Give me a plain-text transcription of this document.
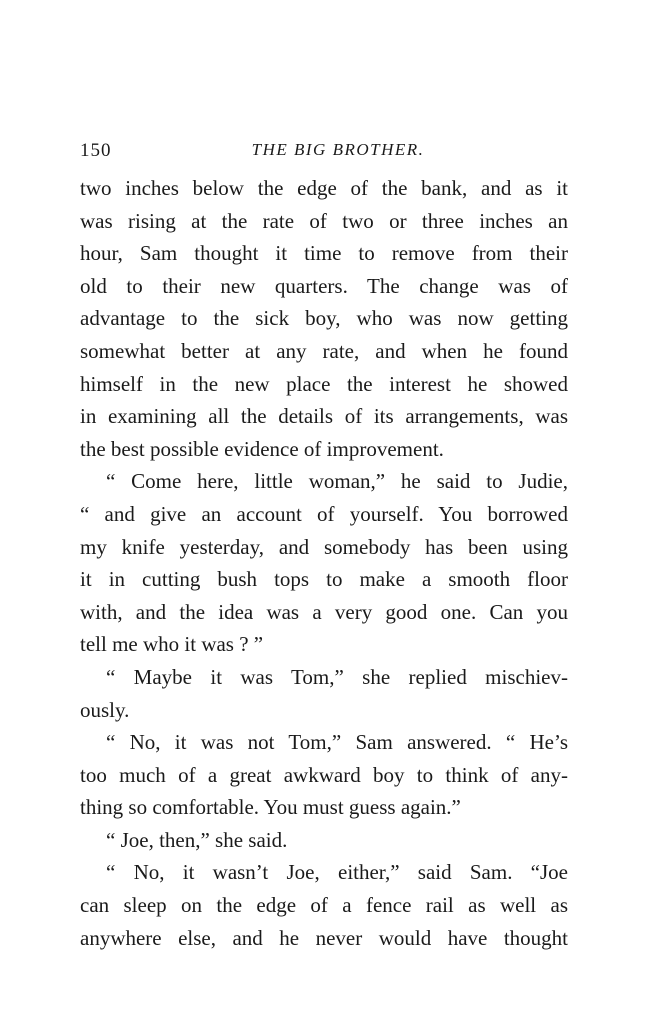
150	THE BIG BROTHER.
two inches below the edge of the bank, and as it
was rising at the rate of two or three inches an
hour, Sam thought it time to remove from their
old to their new quarters. The change was of
advantage to the sick boy, who was now getting
somewhat better at any rate, and when he found
himself in the new place the interest he showed
in examining all the details of its arrangements, was
the best possible evidence of improvement.
“ Come here, little woman,” he said to Judie,
“ and give an account of yourself. You borrowed
my knife yesterday, and somebody has been using
it in cutting bush tops to make a smooth floor
with, and the idea was a very good one. Can you
tell me who it was ? ”
“ Maybe it was Tom,” she replied mischiev-
ously.
“ No, it was not Tom,” Sam answered. “ He’s
too much of a great awkward boy to think of any-
thing so comfortable. You must guess again.”
“ Joe, then,” she said.
“ No, it wasn’t Joe, either,” said Sam. “Joe
can sleep on the edge of a fence rail as well as
anywhere else, and he never would have thought
